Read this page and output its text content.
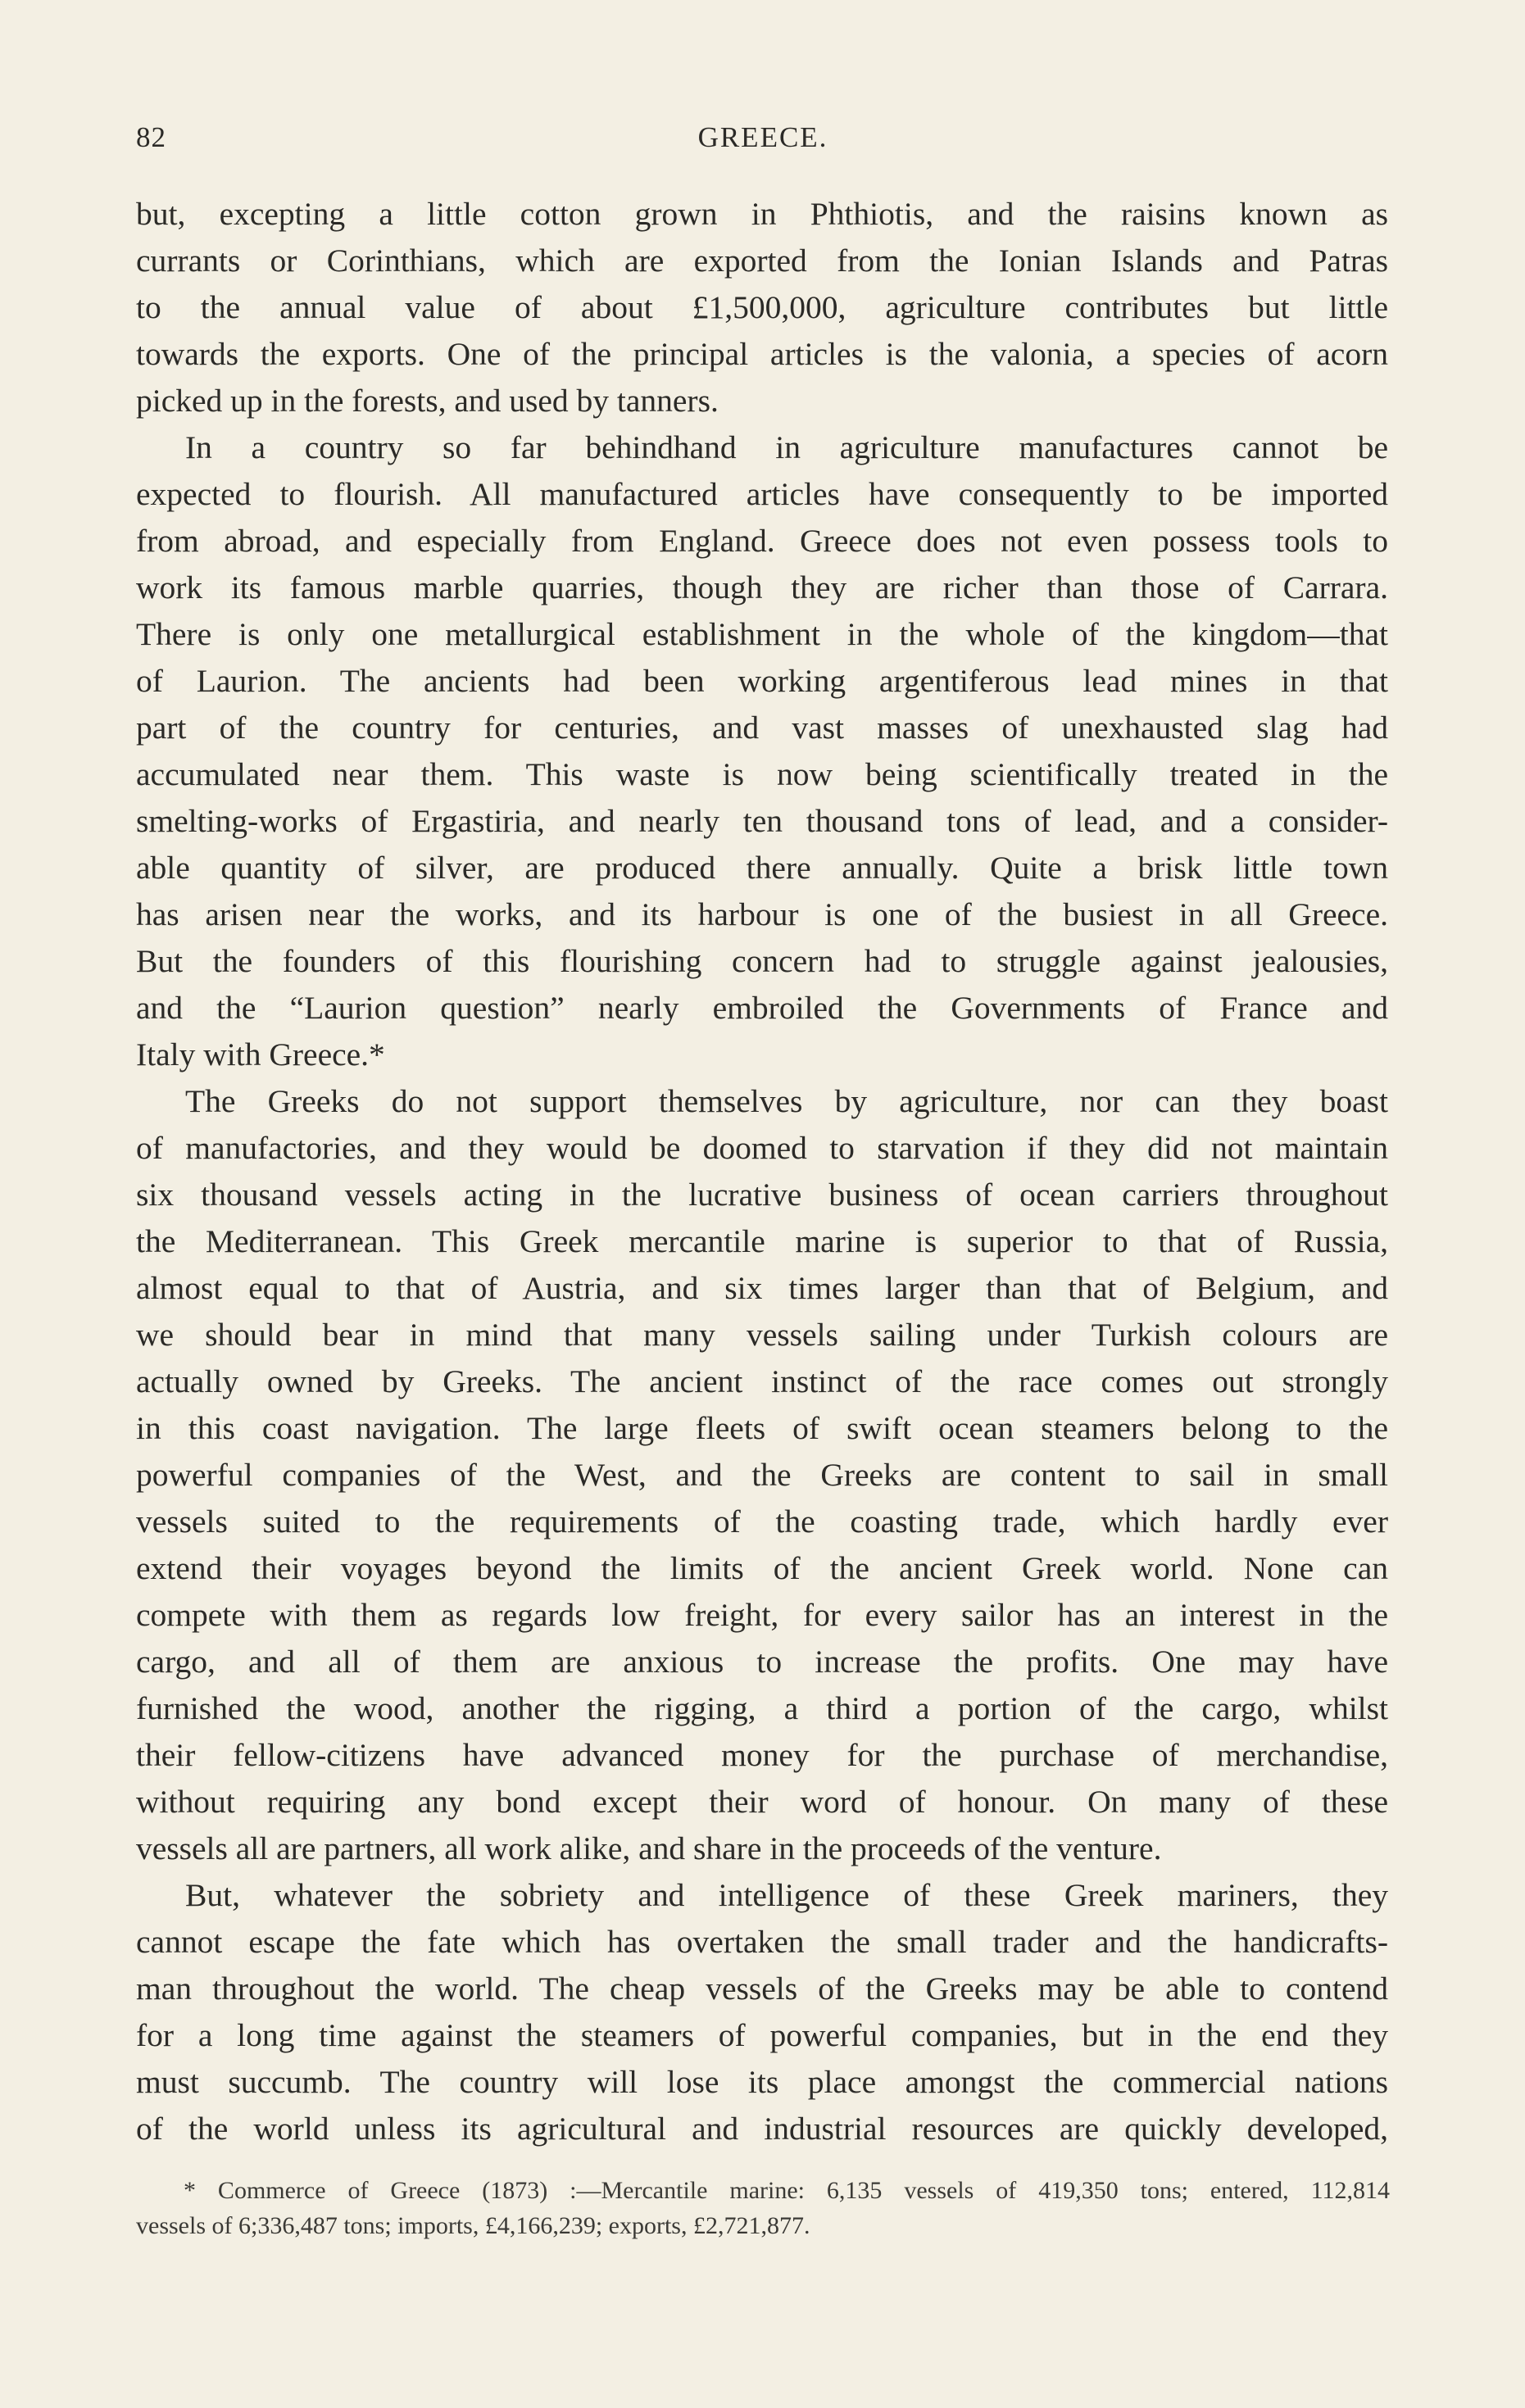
82	GREECE.
but, excepting a little cotton grown in Phthiotis, and the raisins known as
currants or Corinthians, which are exported from the Ionian Islands and Patras
to the annual value of about £1,500,000, agriculture contributes but little
towards the exports. One of the principal articles is the valonia, a species of acorn
picked up in the forests, and used by tanners.
In a country so far behindhand in agriculture manufactures cannot be
expected to flourish. All manufactured articles have consequently to be imported
from abroad, and especially from England. Greece does not even possess tools to
work its famous marble quarries, though they are richer than those of Carrara.
There is only one metallurgical establishment in the whole of the kingdom—that
of Laurion. The ancients had been working argentiferous lead mines in that
part of the country for centuries, and vast masses of unexhausted slag had
accumulated near them. This waste is now being scientifically treated in the
smelting-works of Ergastiria, and nearly ten thousand tons of lead, and a consider-
able quantity of silver, are produced there annually. Quite a brisk little town
has arisen near the works, and its harbour is one of the busiest in all Greece.
But the founders of this flourishing concern had to struggle against jealousies,
and the “Laurion question” nearly embroiled the Governments of France and
Italy with Greece.*
The Greeks do not support themselves by agriculture, nor can they boast
of manufactories, and they would be doomed to starvation if they did not maintain
six thousand vessels acting in the lucrative business of ocean carriers throughout
the Mediterranean. This Greek mercantile marine is superior to that of Russia,
almost equal to that of Austria, and six times larger than that of Belgium, and
we should bear in mind that many vessels sailing under Turkish colours are
actually owned by Greeks. The ancient instinct of the race comes out strongly
in this coast navigation. The large fleets of swift ocean steamers belong to the
powerful companies of the West, and the Greeks are content to sail in small
vessels suited to the requirements of the coasting trade, which hardly ever
extend their voyages beyond the limits of the ancient Greek world. None can
compete with them as regards low freight, for every sailor has an interest in the
cargo, and all of them are anxious to increase the profits. One may have
furnished the wood, another the rigging, a third a portion of the cargo, whilst
their fellow-citizens have advanced money for the purchase of merchandise,
without requiring any bond except their word of honour. On many of these
vessels all are partners, all work alike, and share in the proceeds of the venture.
But, whatever the sobriety and intelligence of these Greek mariners, they
cannot escape the fate which has overtaken the small trader and the handicrafts-
man throughout the world. The cheap vessels of the Greeks may be able to contend
for a long time against the steamers of powerful companies, but in the end they
must succumb. The country will lose its place amongst the commercial nations
of the world unless its agricultural and industrial resources are quickly developed,
* Commerce of Greece (1873) :—Mercantile marine: 6,135 vessels of 419,350 tons; entered, 112,814
vessels of 6;336,487 tons; imports, £4,166,239; exports, £2,721,877.
